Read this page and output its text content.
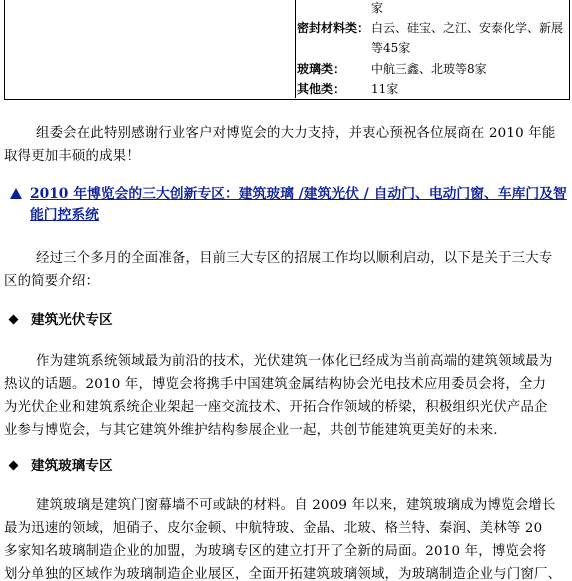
家
密封材料类： 白云、硅宝、之江、安泰化学、新展
等45家
玻璃类： 中航三鑫、北玻等8家
其他类： 11家
组委会在此特别感谢行业客户对博览会的大力支持，并衷心预祝各位展商在 2010 年能
取得更加丰硕的成果！
2010 年博览会的三大创新专区：建筑玻璃 /建筑光伏 / 自动门、电动门窗、车库门及智
能门控系统
经过三个多月的全面准备，目前三大专区的招展工作均以顺利启动，以下是关于三大专
区的简要介绍：
建筑光伏专区
作为建筑系统领域最为前沿的技术，光伏建筑一体化已经成为当前高端的建筑领域最为
热议的话题。2010 年，博览会将携手中国建筑金属结构协会光电技术应用委员会将，全力
为光伏企业和建筑系统企业架起一座交流技术、开拓合作领域的桥梁，积极组织光伏产品企
业参与博览会，与其它建筑外维护结构参展企业一起，共创节能建筑更美好的未来.
建筑玻璃专区
建筑玻璃是建筑门窗幕墙不可或缺的材料。自 2009 年以来，建筑玻璃成为博览会增长
最为迅速的领域，旭硝子、皮尔金顿、中航特玻、金晶、北玻、格兰特、秦润、美林等 20
多家知名玻璃制造企业的加盟，为玻璃专区的建立打开了全新的局面。2010 年，博览会将
划分单独的区域作为玻璃制造企业展区，全面开拓建筑玻璃领域，为玻璃制造企业与门窗厂、
